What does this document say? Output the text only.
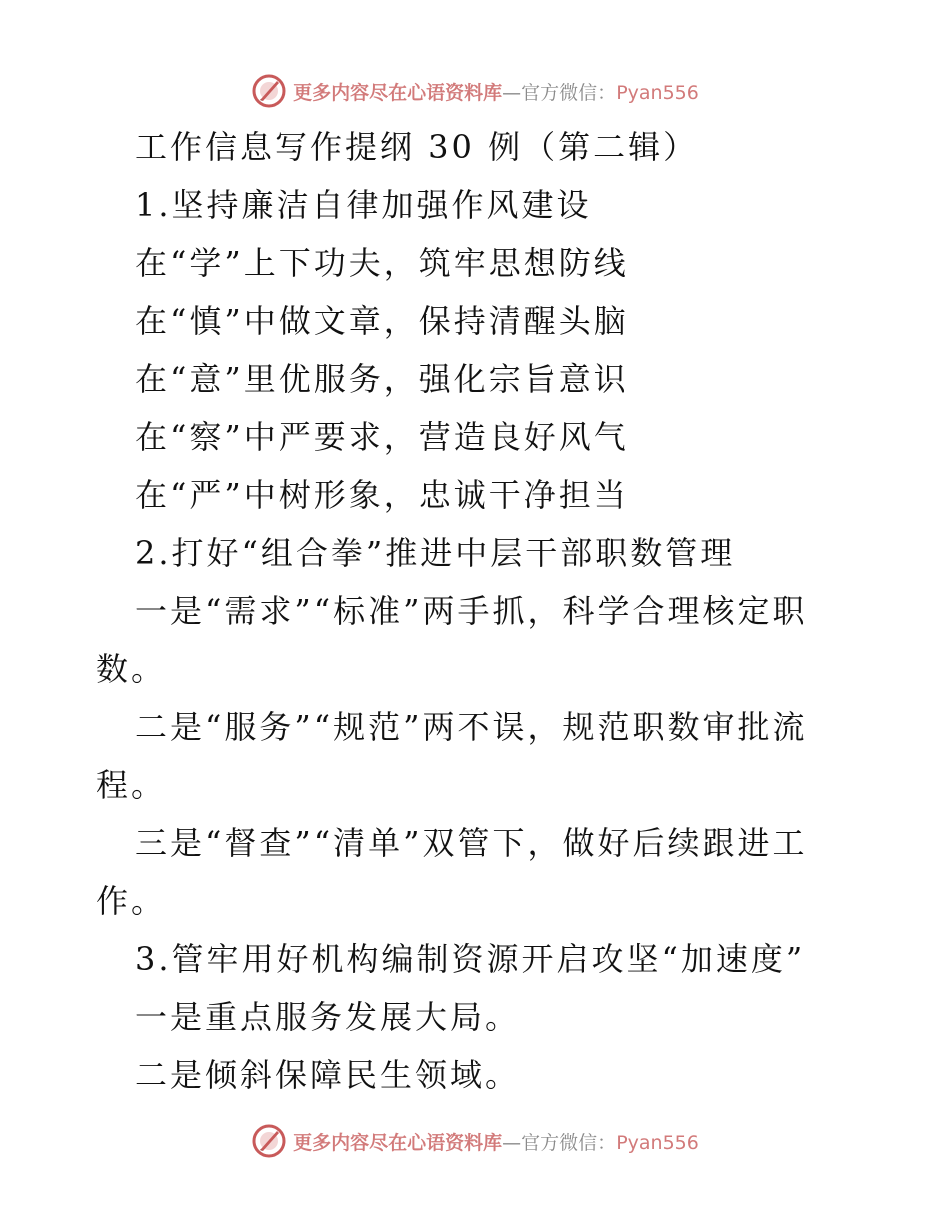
更多内容尽在心语资料库—官方微信：Pyan556
工作信息写作提纲 30 例（第二辑）
1.坚持廉洁自律加强作风建设
在“学”上下功夫，筑牢思想防线
在“慎”中做文章，保持清醒头脑
在“意”里优服务，强化宗旨意识
在“察”中严要求，营造良好风气
在“严”中树形象，忠诚干净担当
2.打好“组合拳”推进中层干部职数管理
一是“需求”“标准”两手抓，科学合理核定职
数。
二是“服务”“规范”两不误，规范职数审批流
程。
三是“督查”“清单”双管下，做好后续跟进工
作。
3.管牢用好机构编制资源开启攻坚“加速度”
一是重点服务发展大局。
二是倾斜保障民生领域。
更多内容尽在心语资料库—官方微信：Pyan556
